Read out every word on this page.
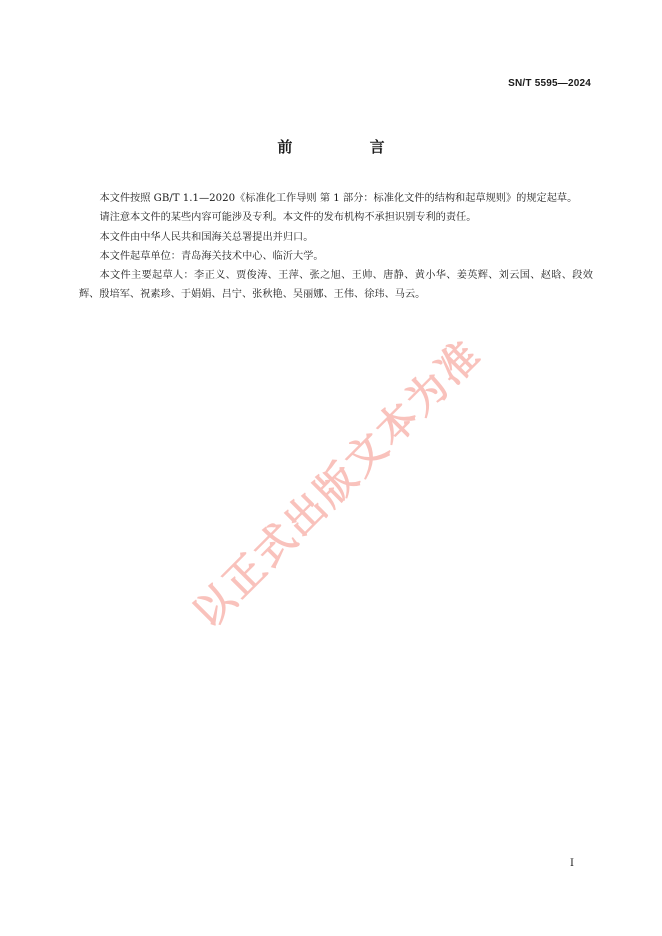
SN/T 5595—2024
前 言

本文件按照 GB/T 1.1—2020《标准化工作导则 第 1 部分：标准化文件的结构和起草规则》的规定起草。

请注意本文件的某些内容可能涉及专利。本文件的发布机构不承担识别专利的责任。

本文件由中华人民共和国海关总署提出并归口。

本文件起草单位：青岛海关技术中心、临沂大学。

本文件主要起草人：李正义、贾俊涛、王萍、张之旭、王帅、唐静、黄小华、姜英辉、刘云国、赵晗、段效辉、殷培军、祝素珍、于娟娟、吕宁、张秋艳、吴丽娜、王伟、徐玮、马云。

以正式出版文本为准
I
